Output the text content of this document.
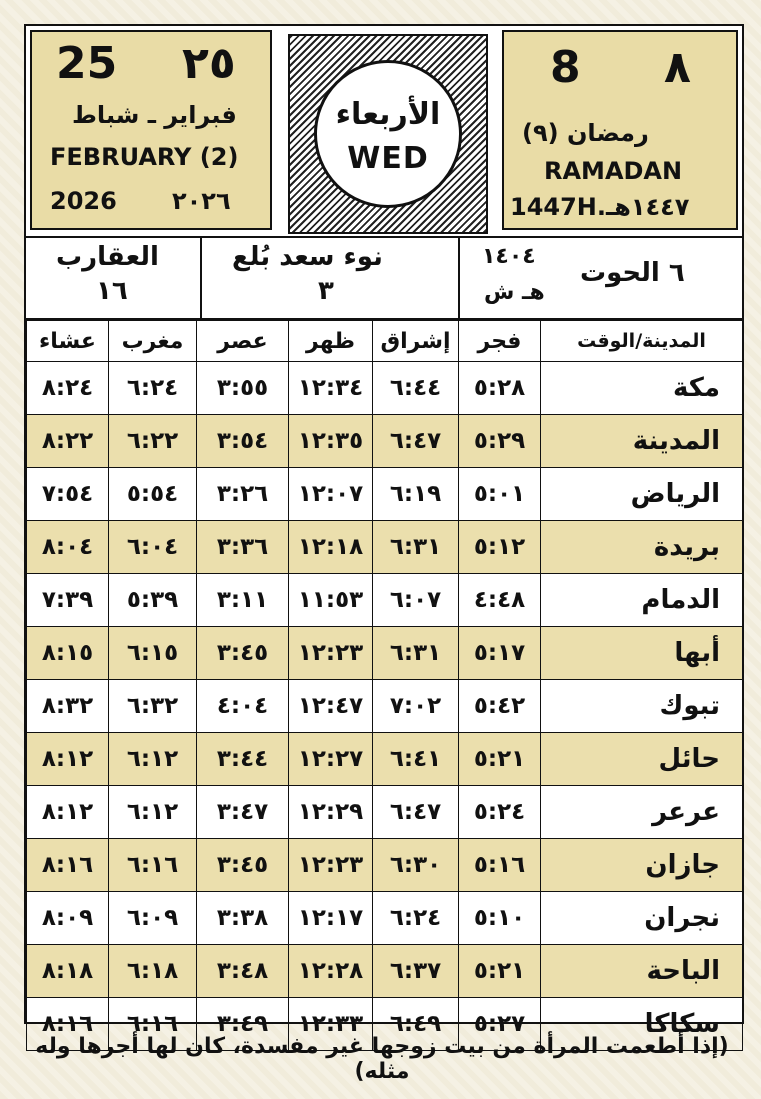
25 ٢٥
فبراير ـ شباط
FEBRUARY (2)
2026 ٢٠٢٦
الأربعاء
WED
8 ٨
رمضان (٩)
RAMADAN
1447H.١٤٤٧هـ
العقارب
١٦
نوء سعد بُلع
٣
١٤٠٤
هـ ش
٦ الحوت
عشاء	مغرب	عصر	ظهر	إشراق	فجر	المدينة/الوقت
٨:٢٤	٦:٢٤	٣:٥٥	١٢:٣٤	٦:٤٤	٥:٢٨	مكة
٨:٢٢	٦:٢٢	٣:٥٤	١٢:٣٥	٦:٤٧	٥:٢٩	المدينة
٧:٥٤	٥:٥٤	٣:٢٦	١٢:٠٧	٦:١٩	٥:٠١	الرياض
٨:٠٤	٦:٠٤	٣:٣٦	١٢:١٨	٦:٣١	٥:١٢	بريدة
٧:٣٩	٥:٣٩	٣:١١	١١:٥٣	٦:٠٧	٤:٤٨	الدمام
٨:١٥	٦:١٥	٣:٤٥	١٢:٢٣	٦:٣١	٥:١٧	أبها
٨:٣٢	٦:٣٢	٤:٠٤	١٢:٤٧	٧:٠٢	٥:٤٢	تبوك
٨:١٢	٦:١٢	٣:٤٤	١٢:٢٧	٦:٤١	٥:٢١	حائل
٨:١٢	٦:١٢	٣:٤٧	١٢:٢٩	٦:٤٧	٥:٢٤	عرعر
٨:١٦	٦:١٦	٣:٤٥	١٢:٢٣	٦:٣٠	٥:١٦	جازان
٨:٠٩	٦:٠٩	٣:٣٨	١٢:١٧	٦:٢٤	٥:١٠	نجران
٨:١٨	٦:١٨	٣:٤٨	١٢:٢٨	٦:٣٧	٥:٢١	الباحة
٨:١٦	٦:١٦	٣:٤٩	١٢:٣٣	٦:٤٩	٥:٢٧	سكاكا
(إذا أطعمت المرأة من بيت زوجها غير مفسدة، كان لها أجرها وله مثله)
